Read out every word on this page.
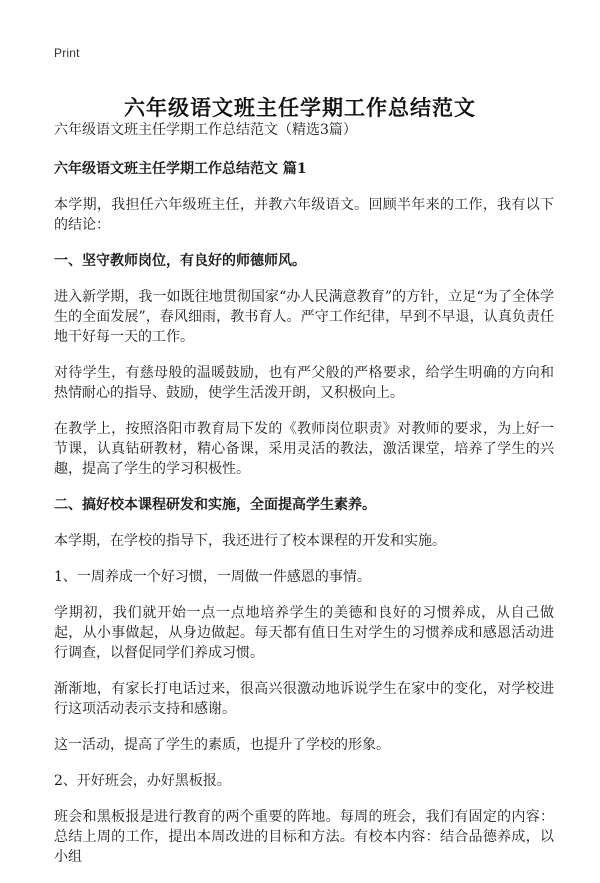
Print
六年级语文班主任学期工作总结范文

六年级语文班主任学期工作总结范文（精选3篇）

六年级语文班主任学期工作总结范文 篇1

本学期，我担任六年级班主任，并教六年级语文。回顾半年来的工作，我有以下的结论：

一、坚守教师岗位，有良好的师德师风。

进入新学期，我一如既往地贯彻国家“办人民满意教育”的方针，立足“为了全体学生的全面发展”，春风细雨，教书育人。严守工作纪律，早到不早退，认真负责任地干好每一天的工作。

对待学生，有慈母般的温暖鼓励，也有严父般的严格要求，给学生明确的方向和热情耐心的指导、鼓励，使学生活泼开朗，又积极向上。

在教学上，按照洛阳市教育局下发的《教师岗位职责》对教师的要求，为上好一节课，认真钻研教材，精心备课，采用灵活的教法，激活课堂，培养了学生的兴趣，提高了学生的学习积极性。

二、搞好校本课程研发和实施，全面提高学生素养。

本学期，在学校的指导下，我还进行了校本课程的开发和实施。

1、一周养成一个好习惯，一周做一件感恩的事情。

学期初，我们就开始一点一点地培养学生的美德和良好的习惯养成，从自己做起，从小事做起，从身边做起。每天都有值日生对学生的习惯养成和感恩活动进行调查，以督促同学们养成习惯。

渐渐地，有家长打电话过来，很高兴很激动地诉说学生在家中的变化，对学校进行这项活动表示支持和感谢。

这一活动，提高了学生的素质，也提升了学校的形象。

2、开好班会，办好黑板报。

班会和黑板报是进行教育的两个重要的阵地。每周的班会，我们有固定的内容：总结上周的工作，提出本周改进的目标和方法。有校本内容：结合品德养成，以小组
